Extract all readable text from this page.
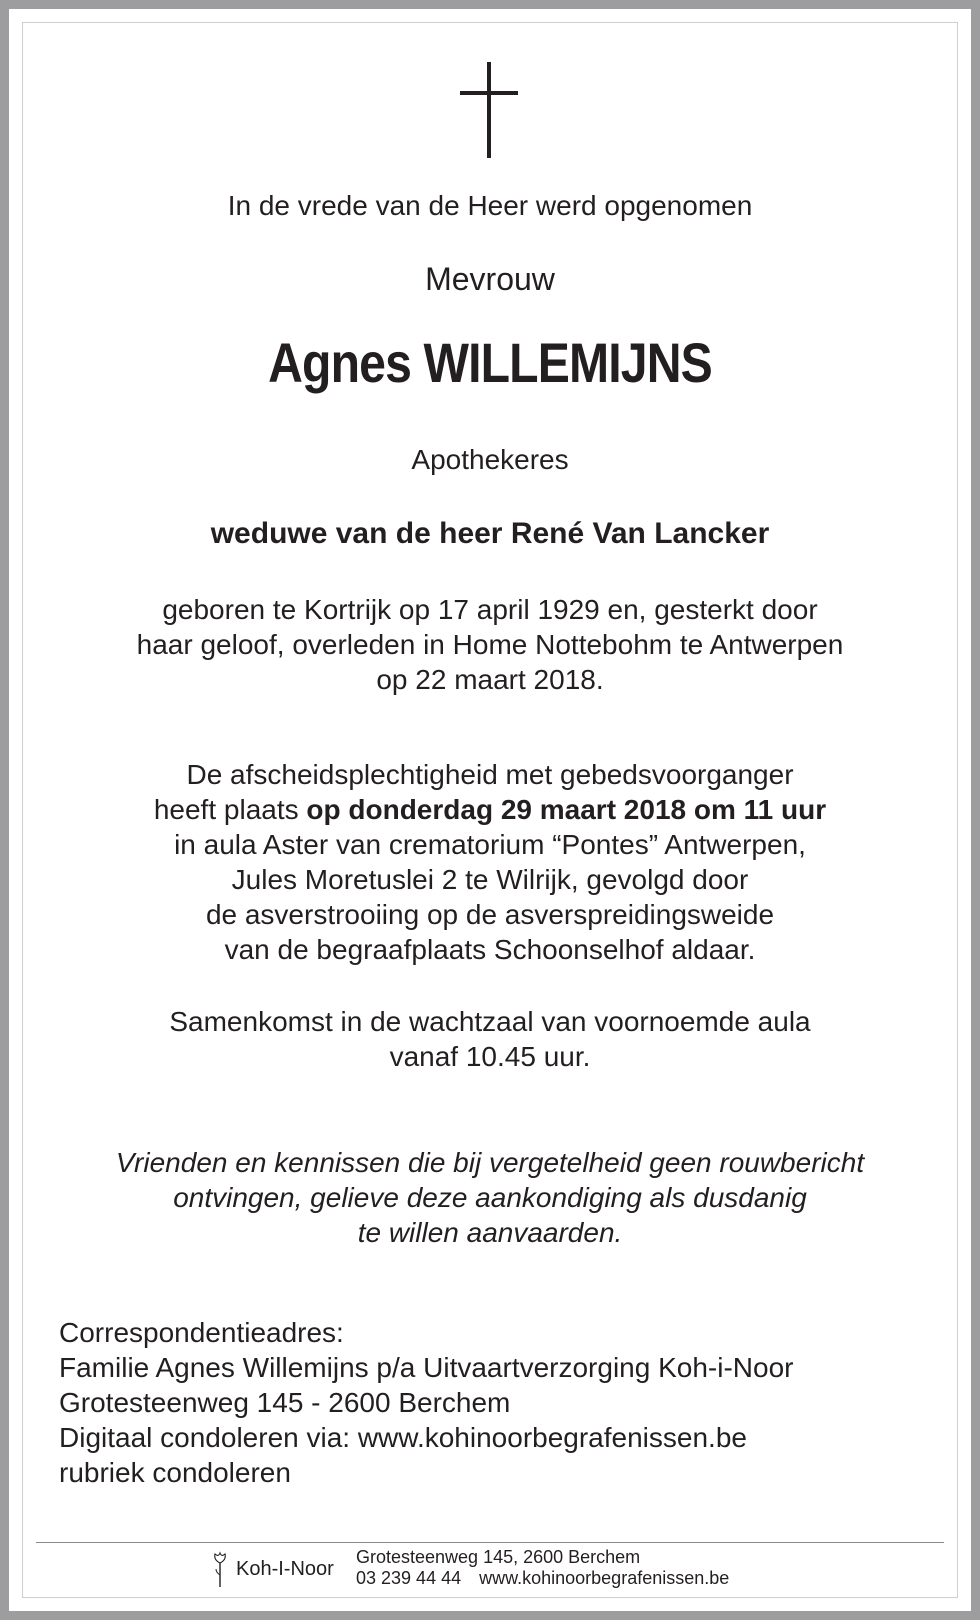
In de vrede van de Heer werd opgenomen

Mevrouw

Agnes WILLEMIJNS

Apothekeres

weduwe van de heer René Van Lancker

geboren te Kortrijk op 17 april 1929 en, gesterkt door
haar geloof, overleden in Home Nottebohm te Antwerpen
op 22 maart 2018.
De afscheidsplechtigheid met gebedsvoorganger
heeft plaats op donderdag 29 maart 2018 om 11 uur
in aula Aster van crematorium “Pontes” Antwerpen,
Jules Moretuslei 2 te Wilrijk, gevolgd door
de asverstrooiing op de asverspreidingsweide
van de begraafplaats Schoonselhof aldaar.
Samenkomst in de wachtzaal van voornoemde aula
vanaf 10.45 uur.
Vrienden en kennissen die bij vergetelheid geen rouwbericht
ontvingen, gelieve deze aankondiging als dusdanig
te willen aanvaarden.
Correspondentieadres:
Familie Agnes Willemijns p/a Uitvaartverzorging Koh-i-Noor
Grotesteenweg 145 - 2600 Berchem
Digitaal condoleren via: www.kohinoorbegrafenissen.be
rubriek condoleren
Koh-I-Noor
Grotesteenweg 145, 2600 Berchem
03 239 44 44 www.kohinoorbegrafenissen.be
